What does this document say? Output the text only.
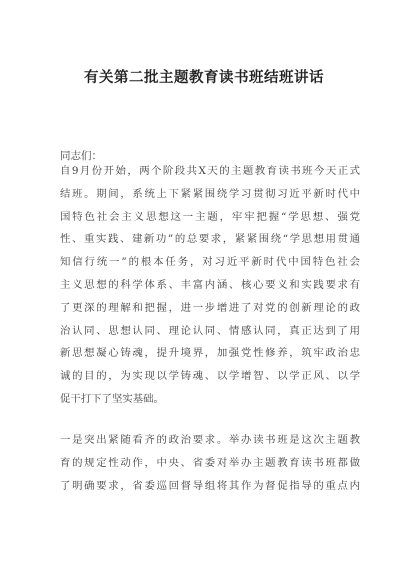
有关第二批主题教育读书班结班讲话
同志们：
自9月份开始，两个阶段共X天的主题教育读书班今天正式
结班。期间，系统上下紧紧围绕学习贯彻习近平新时代中
国特色社会主义思想这一主题，牢牢把握“学思想、强党
性、重实践、建新功”的总要求，紧紧围绕“学思想用贯通
知信行统一”的根本任务，对习近平新时代中国特色社会
主义思想的科学体系、丰富内涵、核心要义和实践要求有
了更深的理解和把握，进一步增进了对党的创新理论的政
治认同、思想认同、理论认同、情感认同，真正达到了用
新思想凝心铸魂，提升境界，加强党性修养，筑牢政治忠
诚的目的，为实现以学铸魂、以学增智、以学正风、以学
促干打下了坚实基础。
一是突出紧随看齐的政治要求。举办读书班是这次主题教
育的规定性动作，中央、省委对举办主题教育读书班都做
了明确要求，省委巡回督导组将其作为督促指导的重点内
